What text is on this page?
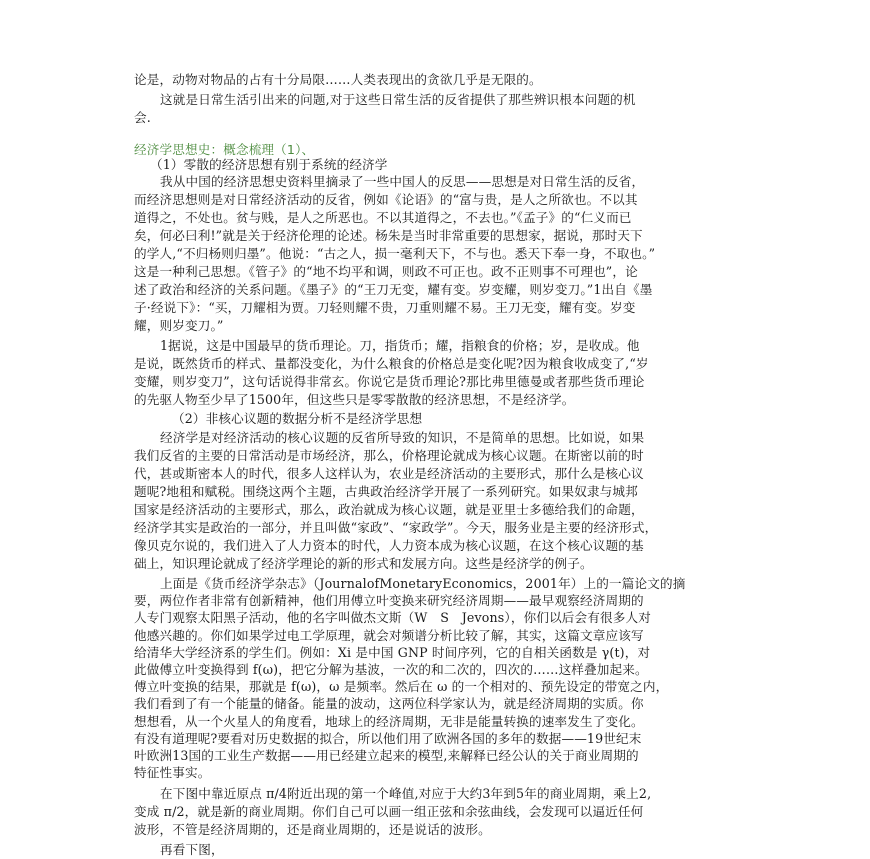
论是，动物对物品的占有十分局限……人类表现出的贪欲几乎是无限的。
这就是日常生活引出来的问题,对于这些日常生活的反省提供了那些辨识根本问题的机
会.
经济学思想史：概念梳理（1）、
（1）零散的经济思想有别于系统的经济学
我从中国的经济思想史资料里摘录了一些中国人的反思——思想是对日常生活的反省，
而经济思想则是对日常经济活动的反省，例如《论语》的“富与贵，是人之所欲也。不以其
道得之，不处也。贫与贱，是人之所恶也。不以其道得之，不去也。”《孟子》的“仁义而已
矣，何必曰利!”就是关于经济伦理的论述。杨朱是当时非常重要的思想家，据说，那时天下
的学人,“不归杨则归墨”。他说：“古之人，损一毫利天下，不与也。悉天下奉一身，不取也。”
这是一种利己思想。《管子》的“地不均平和调，则政不可正也。政不正则事不可理也”，论
述了政治和经济的关系问题。《墨子》的“王刀无变，耀有变。岁变耀，则岁变刀。”1出自《墨
子·经说下》：“买，刀耀相为贾。刀轻则耀不贵，刀重则耀不易。王刀无变，耀有变。岁变
耀，则岁变刀。”
1据说，这是中国最早的货币理论。刀，指货币；耀，指粮食的价格；岁，是收成。他
是说，既然货币的样式、量都没变化，为什么粮食的价格总是变化呢?因为粮食收成变了,“岁
变耀，则岁变刀”，这句话说得非常玄。你说它是货币理论?那比弗里德曼或者那些货币理论
的先驱人物至少早了1500年，但这些只是零零散散的经济思想，不是经济学。
（2）非核心议题的数据分析不是经济学思想
经济学是对经济活动的核心议题的反省所导致的知识，不是简单的思想。比如说，如果
我们反省的主要的日常活动是市场经济，那么，价格理论就成为核心议题。在斯密以前的时
代，甚或斯密本人的时代，很多人这样认为，农业是经济活动的主要形式，那什么是核心议
题呢?地租和赋税。围绕这两个主题，古典政治经济学开展了一系列研究。如果奴隶与城邦
国家是经济活动的主要形式，那么，政治就成为核心议题，就是亚里士多德给我们的命题，
经济学其实是政治的一部分，并且叫做“家政”、“家政学”。今天，服务业是主要的经济形式，
像贝克尔说的，我们进入了人力资本的时代，人力资本成为核心议题，在这个核心议题的基
础上，知识理论就成了经济学理论的新的形式和发展方向。这些是经济学的例子。
上面是《货币经济学杂志》（JournalofMonetaryEconomics，2001年）上的一篇论文的摘
要，两位作者非常有创新精神，他们用傅立叶变换来研究经济周期——最早观察经济周期的
人专门观察太阳黑子活动，他的名字叫做杰文斯（W　S　Jevons），你们以后会有很多人对
他感兴趣的。你们如果学过电工学原理，就会对频谱分析比较了解，其实，这篇文章应该写
给清华大学经济系的学生们。例如：Xi 是中国 GNP 时间序列，它的自相关函数是 γ(t)，对
此做傅立叶变换得到 f(ω)，把它分解为基波，一次的和二次的，四次的……这样叠加起来。
傅立叶变换的结果，那就是 f(ω)，ω 是频率。然后在 ω 的一个相对的、预先设定的带宽之内，
我们看到了有一个能量的储备。能量的波动，这两位科学家认为，就是经济周期的实质。你
想想看，从一个火星人的角度看，地球上的经济周期，无非是能量转换的速率发生了变化。
有没有道理呢?要看对历史数据的拟合，所以他们用了欧洲各国的多年的数据——19世纪末
叶欧洲13国的工业生产数据——用已经建立起来的模型,来解释已经公认的关于商业周期的
特征性事实。
在下图中靠近原点 π/4附近出现的第一个峰值,对应于大约3年到5年的商业周期，乘上2,
变成 π/2，就是新的商业周期。你们自己可以画一组正弦和余弦曲线，会发现可以逼近任何
波形，不管是经济周期的，还是商业周期的，还是说话的波形。
再看下图，
